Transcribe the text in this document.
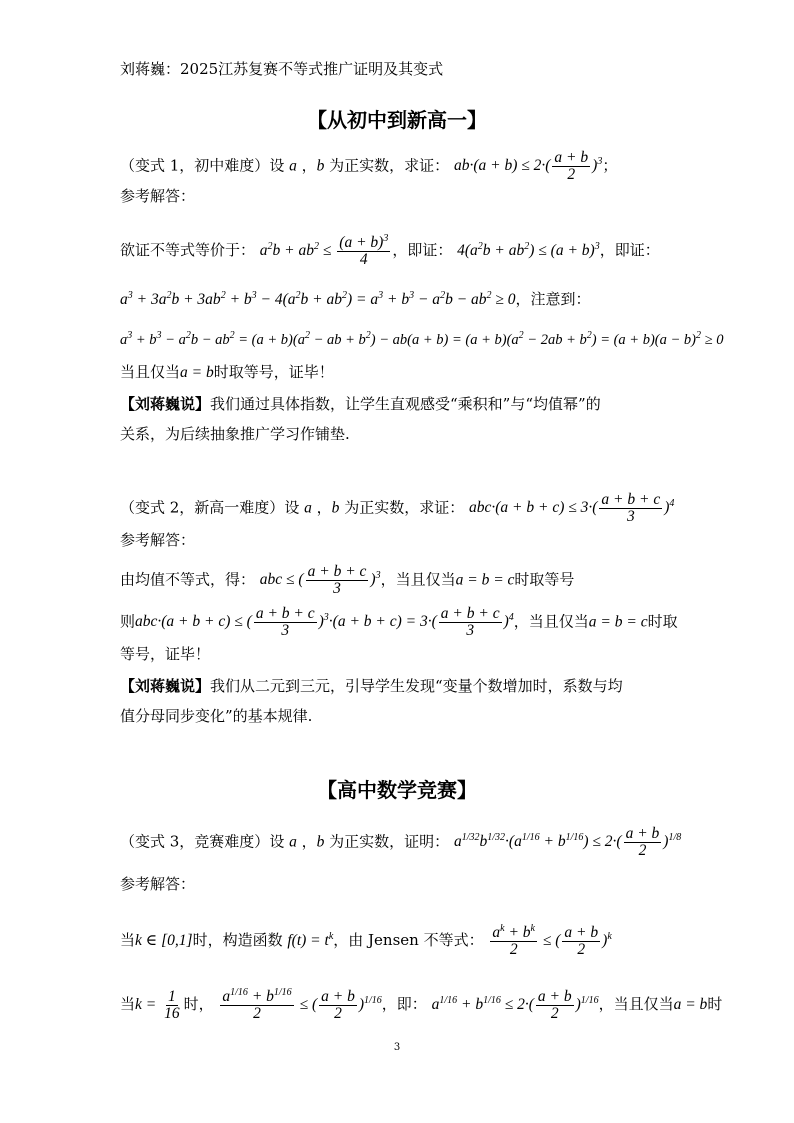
刘蒋巍：2025江苏复赛不等式推广证明及其变式
【从初中到新高一】
（变式 1，初中难度）设 a ，b 为正实数，求证： $ab\cdot(a + b) \le 2\cdot( \frac{a + b}{2} )^3$；
参考解答：
欲证不等式等价于： $a^2b + ab^2 \le \frac{(a + b)^3}{4}$ ，即证： $4(a^2b + ab^2) \le (a + b)^3$，即证：
$a^3 + 3a^2b + 3ab^2 + b^3 - 4(a^2b + ab^2) = a^3 + b^3 - a^2b - ab^2 \ge 0$，注意到：
$a^3 + b^3 - a^2b - ab^2 = (a + b)(a^2$ − ab + $b^2) - ab(a + b) = (a + b)(a^2 - 2ab + b^2) = (a + b)(a - b)^2 \ge 0$
当且仅当a = b时取等号，证毕！
【刘蒋巍说】我们通过具体指数，让学生直观感受“乘积和”与“均值幂”的
关系，为后续抽象推广学习作铺垫.
（变式 2，新高一难度）设 a ，b 为正实数，求证： $abc\cdot(a + b + c) \le 3\cdot( \frac{a + b + c}{3} )^4$
参考解答：
由均值不等式，得： abc ≤ ( $\frac{a + b + c}{3} )^3$，当且仅当a = b = c时取等号
则abc·(a + b + c) ≤ ( $\frac{a + b + c}{3} )^3\cdot(a + b + c) = 3\cdot( \frac{a + b + c}{3} )^4$，当且仅当a = b = c时取
等号，证毕！
【刘蒋巍说】我们从二元到三元，引导学生发现“变量个数增加时，系数与均
值分母同步变化”的基本规律.
【高中数学竞赛】
（变式 3，竞赛难度）设 a ，b 为正实数，证明： $a^{1/32}b^{1/32}\cdot(a^{1/16} + b^{1/16}) \le 2\cdot( \frac{a + b}{2} )^{1/8}$
参考解答：
当k ∈ [0,1]时，构造函数 $f(t) = t^k$，由 Jensen 不等式： $\frac{a^k + b^k}{2}$ ≤ ( $\frac{a + b}{2} )^k$
当$k = \frac{1}{16}$ 时， $\frac{a^{1/16} + b^{1/16}}{2}$ ≤ ( $\frac{a + b}{2} )^{1/16}$，即： $a^{1/16} + b^{1/16} \le 2\cdot( \frac{a + b}{2} )^{1/16}$，当且仅当a = b时
3
